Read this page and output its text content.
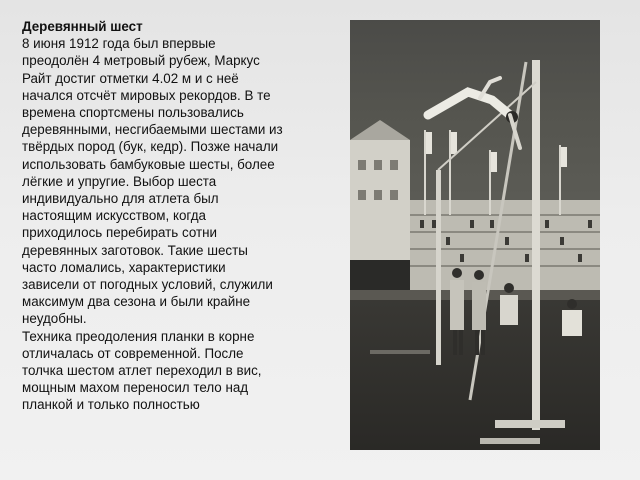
Деревянный шест

8 июня 1912 года был впервые преодолён 4 метровый рубеж, Маркус Райт достиг отметки 4.02 м и с неё начался отсчёт мировых рекордов. В те времена спортсмены пользовались деревянными, несгибаемыми шестами из твёрдых пород (бук, кедр). Позже начали использовать бамбуковые шесты, более лёгкие и упругие. Выбор шеста индивидуально для атлета был настоящим искусством, когда приходилось перебирать сотни деревянных заготовок. Такие шесты часто ломались, характеристики зависели от погодных условий, служили максимум два сезона и были крайне неудобны.

Техника преодоления планки в корне отличалась от современной. После толчка шестом атлет переходил в вис, мощным махом переносил тело над планкой и только полностью
